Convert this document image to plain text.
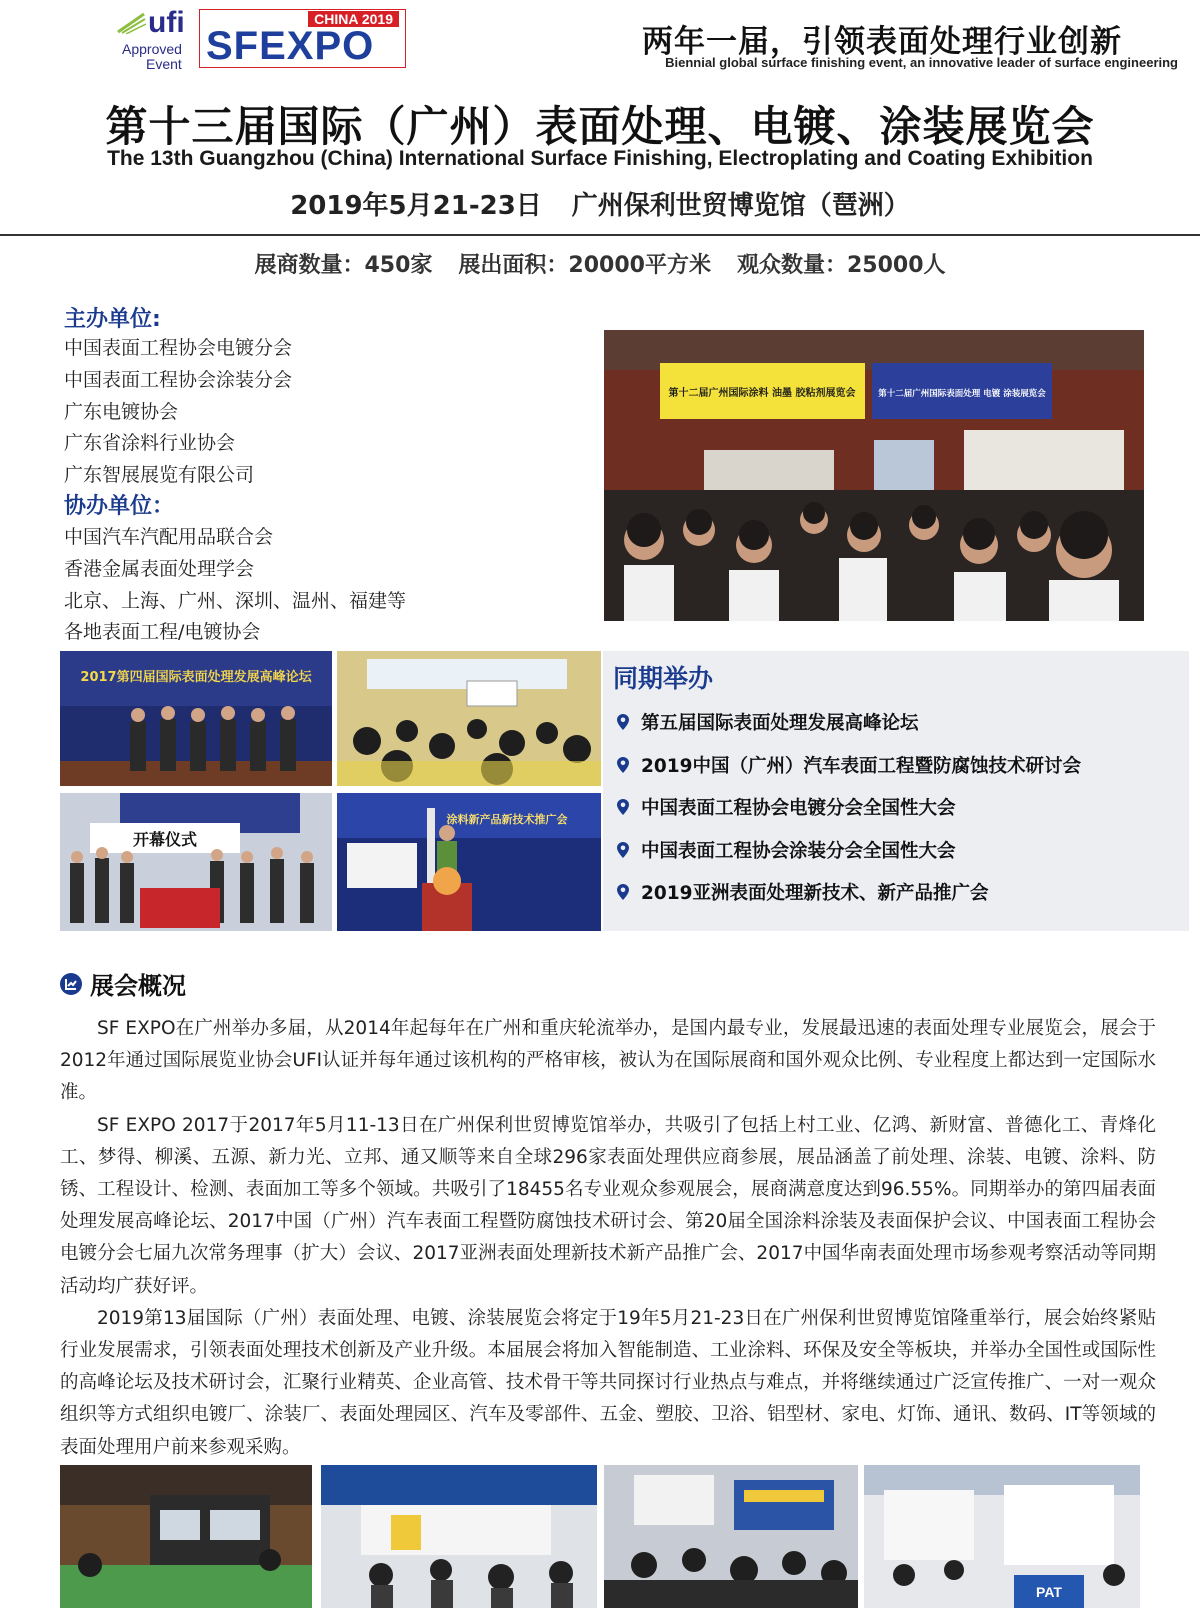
ufi
Approved
Event
CHINA 2019
SFEXPO	两年一届，引领表面处理行业创新
Biennial global surface finishing event, an innovative leader of surface engineering
第十三届国际（广州）表面处理、电镀、涂装展览会
The 13th Guangzhou (China) International Surface Finishing, Electroplating and Coating Exhibition
2019年5月21-23日 广州保利世贸博览馆（琶洲）
展商数量：450家 展出面积：20000平方米 观众数量：25000人
主办单位:
中国表面工程协会电镀分会
中国表面工程协会涂装分会
广东电镀协会
广东省涂料行业协会
广东智展展览有限公司
协办单位：
中国汽车汽配用品联合会
香港金属表面处理学会
北京、上海、广州、深圳、温州、福建等
各地表面工程/电镀协会
第十二届广州国际涂料 油墨 胶粘剂展览会	第十二届广州国际表面处理 电镀 涂装展览会
2017第四届国际表面处理发展高峰论坛
开幕仪式
涂料新产品新技术推广会
同期举办
第五届国际表面处理发展高峰论坛
2019中国（广州）汽车表面工程暨防腐蚀技术研讨会
中国表面工程协会电镀分会全国性大会
中国表面工程协会涂装分会全国性大会
2019亚洲表面处理新技术、新产品推广会
展会概况

SF EXPO在广州举办多届，从2014年起每年在广州和重庆轮流举办，是国内最专业，发展最迅速的表面处理专业展览会，展会于2012年通过国际展览业协会UFI认证并每年通过该机构的严格审核，被认为在国际展商和国外观众比例、专业程度上都达到一定国际水准。

SF EXPO 2017于2017年5月11-13日在广州保利世贸博览馆举办，共吸引了包括上村工业、亿鸿、新财富、普德化工、青烽化工、梦得、柳溪、五源、新力光、立邦、通又顺等来自全球296家表面处理供应商参展，展品涵盖了前处理、涂装、电镀、涂料、防锈、工程设计、检测、表面加工等多个领域。共吸引了18455名专业观众参观展会，展商满意度达到96.55%。同期举办的第四届表面处理发展高峰论坛、2017中国（广州）汽车表面工程暨防腐蚀技术研讨会、第20届全国涂料涂装及表面保护会议、中国表面工程协会电镀分会七届九次常务理事（扩大）会议、2017亚洲表面处理新技术新产品推广会、2017中国华南表面处理市场参观考察活动等同期活动均广获好评。

2019第13届国际（广州）表面处理、电镀、涂装展览会将定于19年5月21-23日在广州保利世贸博览馆隆重举行，展会始终紧贴行业发展需求，引领表面处理技术创新及产业升级。本届展会将加入智能制造、工业涂料、环保及安全等板块，并举办全国性或国际性的高峰论坛及技术研讨会，汇聚行业精英、企业高管、技术骨干等共同探讨行业热点与难点，并将继续通过广泛宣传推广、一对一观众组织等方式组织电镀厂、涂装厂、表面处理园区、汽车及零部件、五金、塑胶、卫浴、铝型材、家电、灯饰、通讯、数码、IT等领域的表面处理用户前来参观采购。

PAT
